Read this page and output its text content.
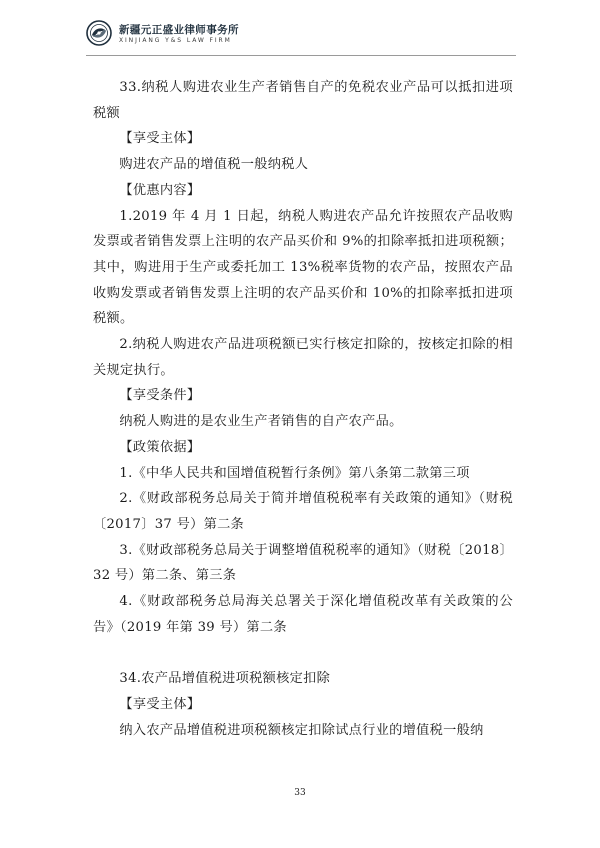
新疆元正盛业律师事务所
XINJIANG Y&S LAW FIRM

33.纳税人购进农业生产者销售自产的免税农业产品可以抵扣进项税额

【享受主体】

购进农产品的增值税一般纳税人

【优惠内容】

1.2019 年 4 月 1 日起，纳税人购进农产品允许按照农产品收购发票或者销售发票上注明的农产品买价和 9%的扣除率抵扣进项税额；其中，购进用于生产或委托加工 13%税率货物的农产品，按照农产品收购发票或者销售发票上注明的农产品买价和 10%的扣除率抵扣进项税额。

2.纳税人购进农产品进项税额已实行核定扣除的，按核定扣除的相关规定执行。

【享受条件】

纳税人购进的是农业生产者销售的自产农产品。

【政策依据】

1.《中华人民共和国增值税暂行条例》第八条第二款第三项

2.《财政部税务总局关于简并增值税税率有关政策的通知》（财税〔2017〕37 号）第二条

3.《财政部税务总局关于调整增值税税率的通知》（财税〔2018〕32 号）第二条、第三条

4.《财政部税务总局海关总署关于深化增值税改革有关政策的公告》（2019 年第 39 号）第二条

34.农产品增值税进项税额核定扣除

【享受主体】

纳入农产品增值税进项税额核定扣除试点行业的增值税一般纳

33
